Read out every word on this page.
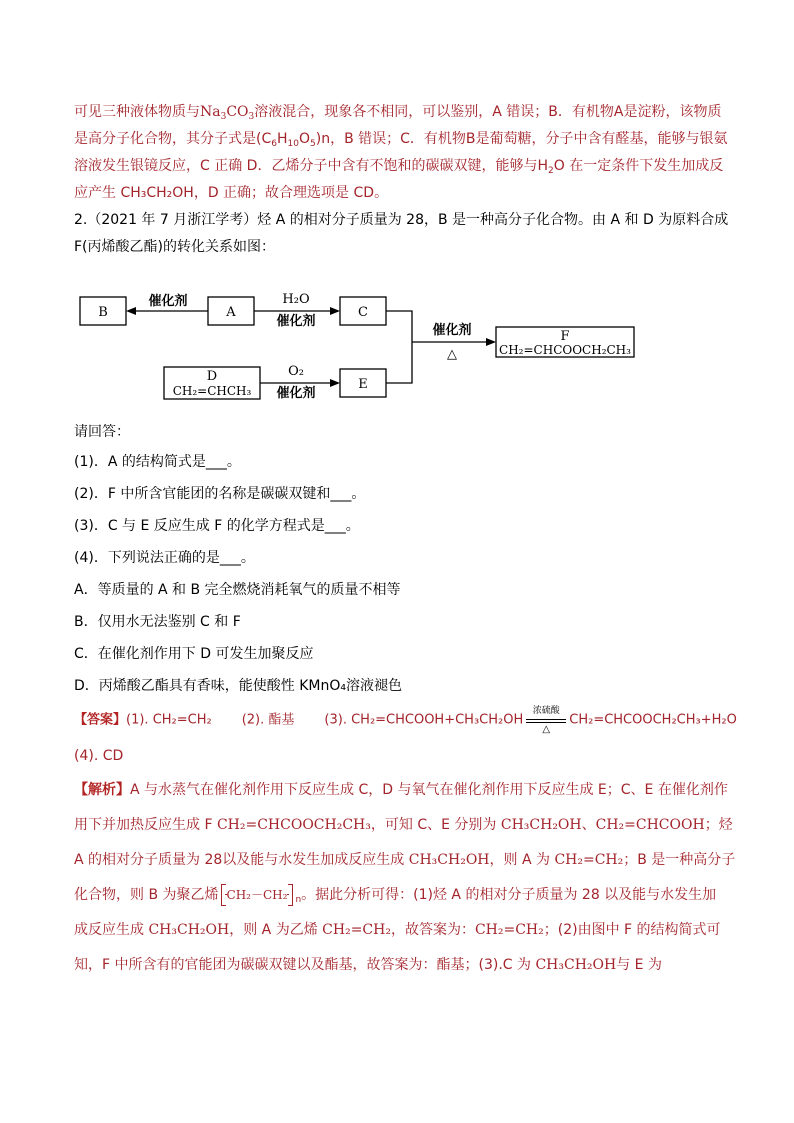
可见三种液体物质与$Na_3CO_3$溶液混合，现象各不相同，可以鉴别，A 错误；B．有机物A是淀粉，该物质
是高分子化合物，其分子式是$(C_6H_{10}O_5)n$，B 错误；C．有机物B是葡萄糖，分子中含有醛基，能够与银氨
溶液发生银镜反应，C 正确 D．乙烯分子中含有不饱和的碳碳双键，能够与$H_2O$ 在一定条件下发生加成反
应产生 CH₃CH₂OH，D 正确；故合理选项是 CD。
2.（2021 年 7 月浙江学考）烃 A 的相对分子质量为 28，B 是一种高分子化合物。由 A 和 D 为原料合成
F(丙烯酸乙酯)的转化关系如图：
B	A	C
E
D
CH₂=CHCH₃
F
CH₂=CHCOOCH₂CH₃
催化剂	H₂O
催化剂
O₂
催化剂
催化剂
△
请回答：
(1)．A 的结构简式是___。
(2)．F 中所含官能团的名称是碳碳双键和___。
(3)．C 与 E 反应生成 F 的化学方程式是___。
(4)．下列说法正确的是___。
A．等质量的 A 和 B 完全燃烧消耗氧气的质量不相等
B．仅用水无法鉴别 C 和 F
C．在催化剂作用下 D 可发生加聚反应
D．丙烯酸乙酯具有香味，能使酸性 KMnO₄溶液褪色
【答案】(1). CH₂=CH₂ (2). 酯基 (3). CH₂=CHCOOH+CH₃CH₂OH
浓硫酸
△
CH₂=CHCOOCH₂CH₃+H₂O
(4). CD
【解析】A 与水蒸气在催化剂作用下反应生成 C，D 与氧气在催化剂作用下反应生成 E；C、E 在催化剂作
用下并加热反应生成 F CH₂=CHCOOCH₂CH₃，可知 C、E 分别为 CH₃CH₂OH、CH₂=CHCOOH；烃
A 的相对分子质量为 28以及能与水发生加成反应生成 CH₃CH₂OH，则 A 为 CH₂=CH₂；B 是一种高分子
化合物，则 B 为聚乙烯 CH₂－CH₂ $_n$。据此分析可得：(1)烃 A 的相对分子质量为 28 以及能与水发生加
成反应生成 CH₃CH₂OH，则 A 为乙烯 CH₂=CH₂，故答案为：CH₂=CH₂；(2)由图中 F 的结构简式可
知，F 中所含有的官能团为碳碳双键以及酯基，故答案为：酯基；(3).C 为 CH₃CH₂OH与 E 为
